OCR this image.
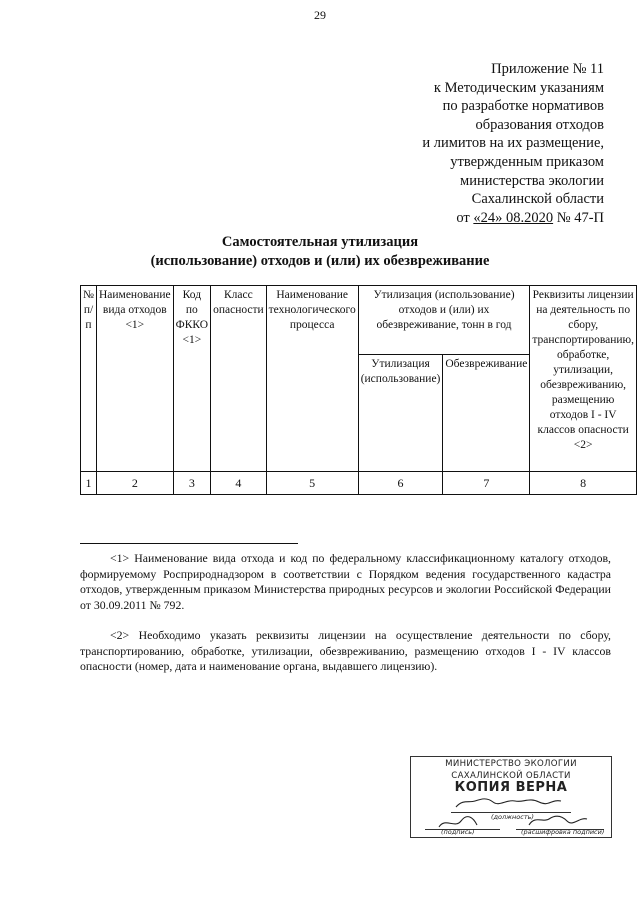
29
Приложение № 11
к Методическим указаниям
по разработке нормативов
образования отходов
и лимитов на их размещение,
утвержденным приказом
министерства экологии
Сахалинской области
от «24» 08.2020 № 47-П
Самостоятельная утилизация
(использование) отходов и (или) их обезвреживание
№ п/п	Наименование вида отходов <1>	Код по ФККО <1>	Класс опасности	Наименование технологического процесса	Утилизация (использование) отходов и (или) их обезвреживание, тонн в год		Реквизиты лицензии на деятельность по сбору, транспортированию, обработке, утилизации, обезвреживанию, размещению отходов I - IV классов опасности <2>
					Утилизация (использование)	Обезвреживание	
1	2	3	4	5	6	7	8

<1> Наименование вида отхода и код по федеральному классификационному каталогу отходов, формируемому Росприроднадзором в соответствии с Порядком ведения государственного кадастра отходов, утвержденным приказом Министерства природных ресурсов и экологии Российской Федерации от 30.09.2011 № 792.

<2> Необходимо указать реквизиты лицензии на осуществление деятельности по сбору, транспортированию, обработке, утилизации, обезвреживанию, размещению отходов I - IV классов опасности (номер, дата и наименование органа, выдавшего лицензию).

МИНИСТЕРСТВО ЭКОЛОГИИ
САХАЛИНСКОЙ ОБЛАСТИ
КОПИЯ ВЕРНА
(должность)
(подпись)	(расшифровка подписи)
